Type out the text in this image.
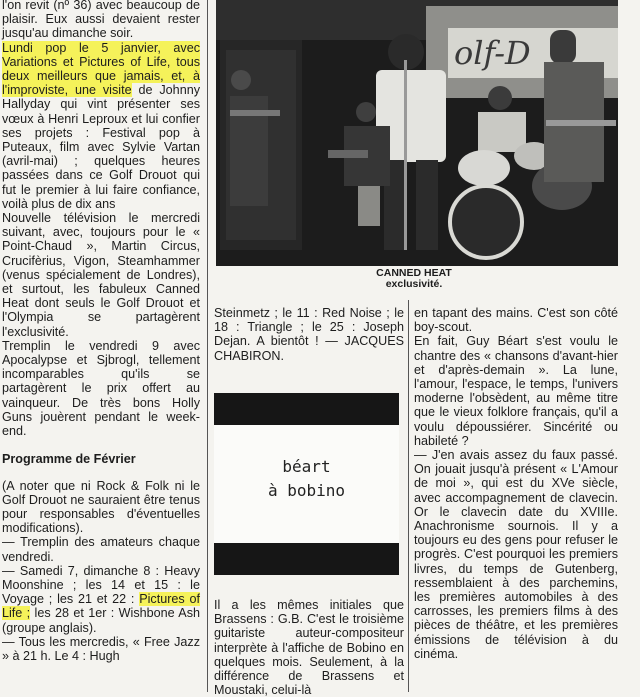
l'on revit (nº 36) avec beaucoup de plaisir. Eux aussi devaient rester jusqu'au dimanche soir.

Lundi pop le 5 janvier, avec Variations et Pictures of Life, tous deux meilleurs que jamais, et, à l'improviste, une visite de Johnny Hallyday qui vint présenter ses vœux à Henri Leproux et lui confier ses projets : Festival pop à Puteaux, film avec Sylvie Vartan (avril-mai) ; quelques heures passées dans ce Golf Drouot qui fut le premier à lui faire confiance, voilà plus de dix ans

Nouvelle télévision le mercredi suivant, avec, toujours pour le « Point-Chaud », Martin Circus, Crucifèrius, Vigon, Steamhammer (venus spécialement de Londres), et surtout, les fabuleux Canned Heat dont seuls le Golf Drouot et l'Olympia se partagèrent l'exclusivité.

Tremplin le vendredi 9 avec Apocalypse et Sjbrogl, tellement incomparables qu'ils se partagèrent le prix offert au vainqueur. De très bons Holly Guns jouèrent pendant le week-end.

Programme de Février

(A noter que ni Rock & Folk ni le Golf Drouot ne sauraient être tenus pour responsables d'éventuelles modifications).

— Tremplin des amateurs chaque vendredi.

— Samedi 7, dimanche 8 : Heavy Moonshine ; les 14 et 15 : le Voyage ; les 21 et 22 : Pictures of Life ; les 28 et 1er : Wishbone Ash (groupe anglais).

— Tous les mercredis, « Free Jazz » à 21 h. Le 4 : Hugh

olf-D
CANNED HEAT
exclusivité.

Steinmetz ; le 11 : Red Noise ; le 18 : Triangle ; le 25 : Joseph Dejan. A bientôt ! — JACQUES CHABIRON.

béart
à bobino

Il a les mêmes initiales que Brassens : G.B. C'est le troisième guitariste auteur-compositeur interprète à l'affiche de Bobino en quelques mois. Seulement, à la différence de Brassens et Moustaki, celui-là

en tapant des mains. C'est son côté boy-scout.

En fait, Guy Béart s'est voulu le chantre des « chansons d'avant-hier et d'après-demain ». La lune, l'amour, l'espace, le temps, l'univers moderne l'obsèdent, au même titre que le vieux folklore français, qu'il a voulu dépoussiérer. Sincérité ou habileté ?

— J'en avais assez du faux passé. On jouait jusqu'à présent « L'Amour de moi », qui est du XVe siècle, avec accompagnement de clavecin. Or le clavecin date du XVIIIe. Anachronisme sournois. Il y a toujours eu des gens pour refuser le progrès. C'est pourquoi les premiers livres, du temps de Gutenberg, ressemblaient à des parchemins, les premières automobiles à des carrosses, les premiers films à des pièces de théâtre, et les premières émissions de télévision à du cinéma.
